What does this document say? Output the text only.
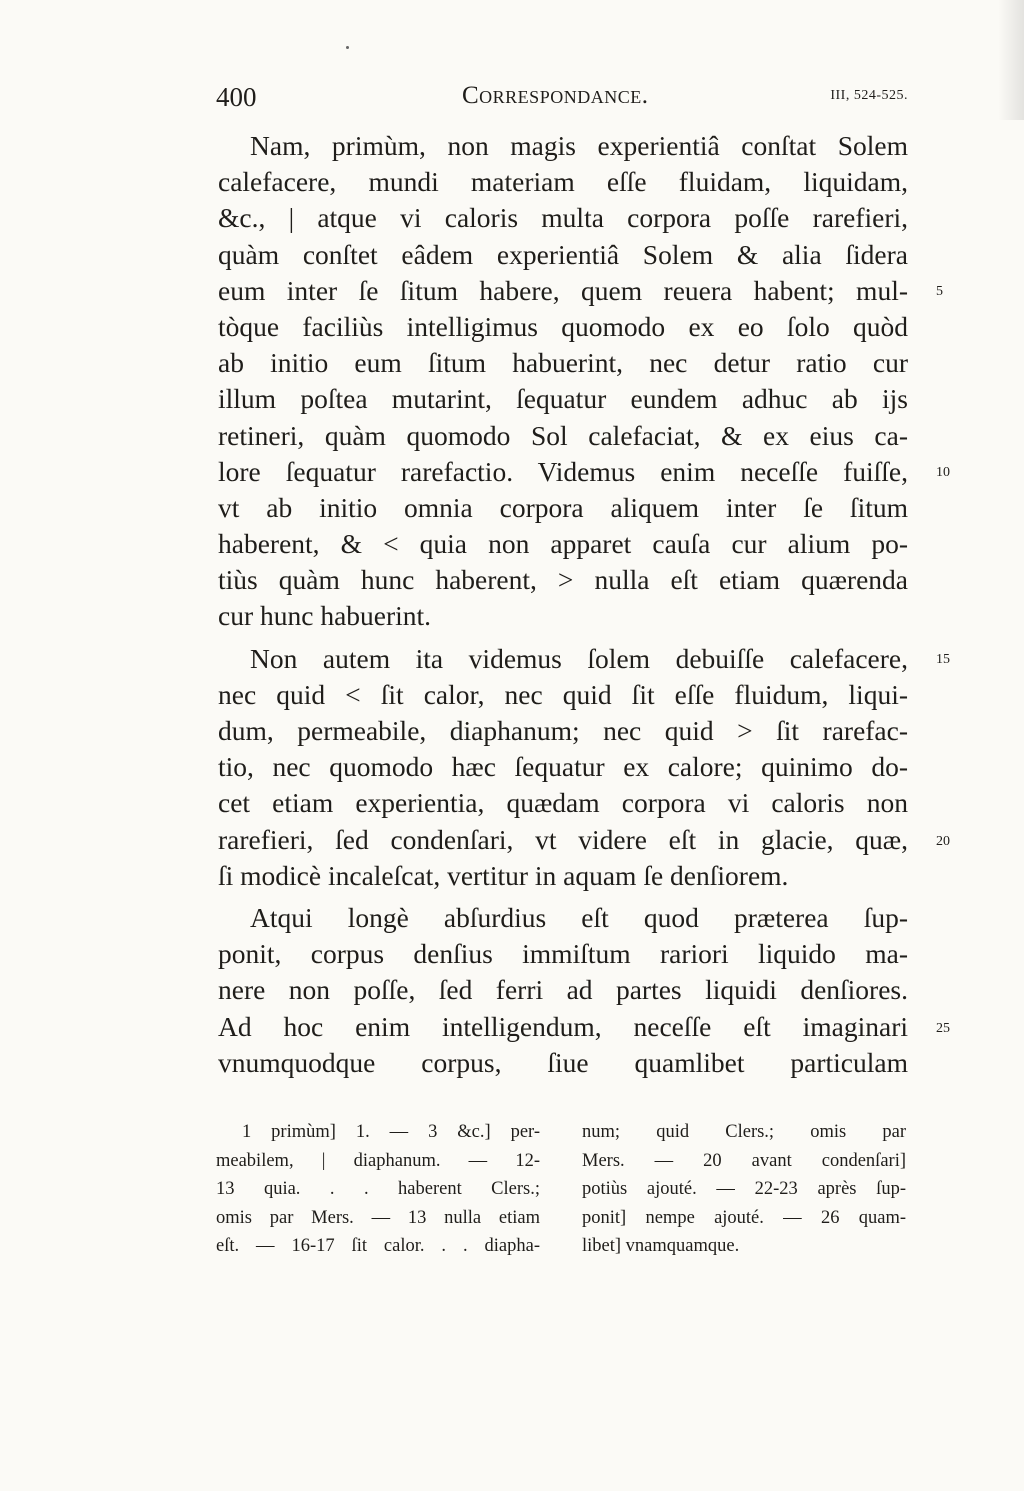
400	Correspondance.	III, 524-525.
Nam, primùm, non magis experientiâ conſtat Solem
calefacere, mundi materiam eſſe fluidam, liquidam,
&c., | atque vi caloris multa corpora poſſe rarefieri,
quàm conſtet eâdem experientiâ Solem & alia ſidera
eum inter ſe ſitum habere, quem reuera habent; mul-
tòque faciliùs intelligimus quomodo ex eo ſolo quòd
ab initio eum ſitum habuerint, nec detur ratio cur
illum poſtea mutarint, ſequatur eundem adhuc ab ijs
retineri, quàm quomodo Sol calefaciat, & ex eius ca-
lore ſequatur rarefactio. Videmus enim neceſſe fuiſſe,
vt ab initio omnia corpora aliquem inter ſe ſitum
haberent, & < quia non apparet cauſa cur alium po-
tiùs quàm hunc haberent, > nulla eſt etiam quærenda
cur hunc habuerint.
Non autem ita videmus ſolem debuiſſe calefacere,
nec quid < ſit calor, nec quid ſit eſſe fluidum, liqui-
dum, permeabile, diaphanum; nec quid > ſit rarefac-
tio, nec quomodo hæc ſequatur ex calore; quinimo do-
cet etiam experientia, quædam corpora vi caloris non
rarefieri, ſed condenſari, vt videre eſt in glacie, quæ,
ſi modicè incaleſcat, vertitur in aquam ſe denſiorem.
Atqui longè abſurdius eſt quod præterea ſup-
ponit, corpus denſius immiſtum rariori liquido ma-
nere non poſſe, ſed ferri ad partes liquidi denſiores.
Ad hoc enim intelligendum, neceſſe eſt imaginari
vnumquodque corpus, ſiue quamlibet particulam
5
10
15
20
25
1 primùm] 1. — 3 &c.] per-
meabilem, | diaphanum. — 12-
13 quia. . . haberent Clers.;
omis par Mers. — 13 nulla etiam
eſt. — 16-17 ſit calor. . . diapha-
num; quid Clers.; omis par
Mers. — 20 avant condenſari]
potiùs ajouté. — 22-23 après ſup-
ponit] nempe ajouté. — 26 quam-
libet] vnamquamque.
